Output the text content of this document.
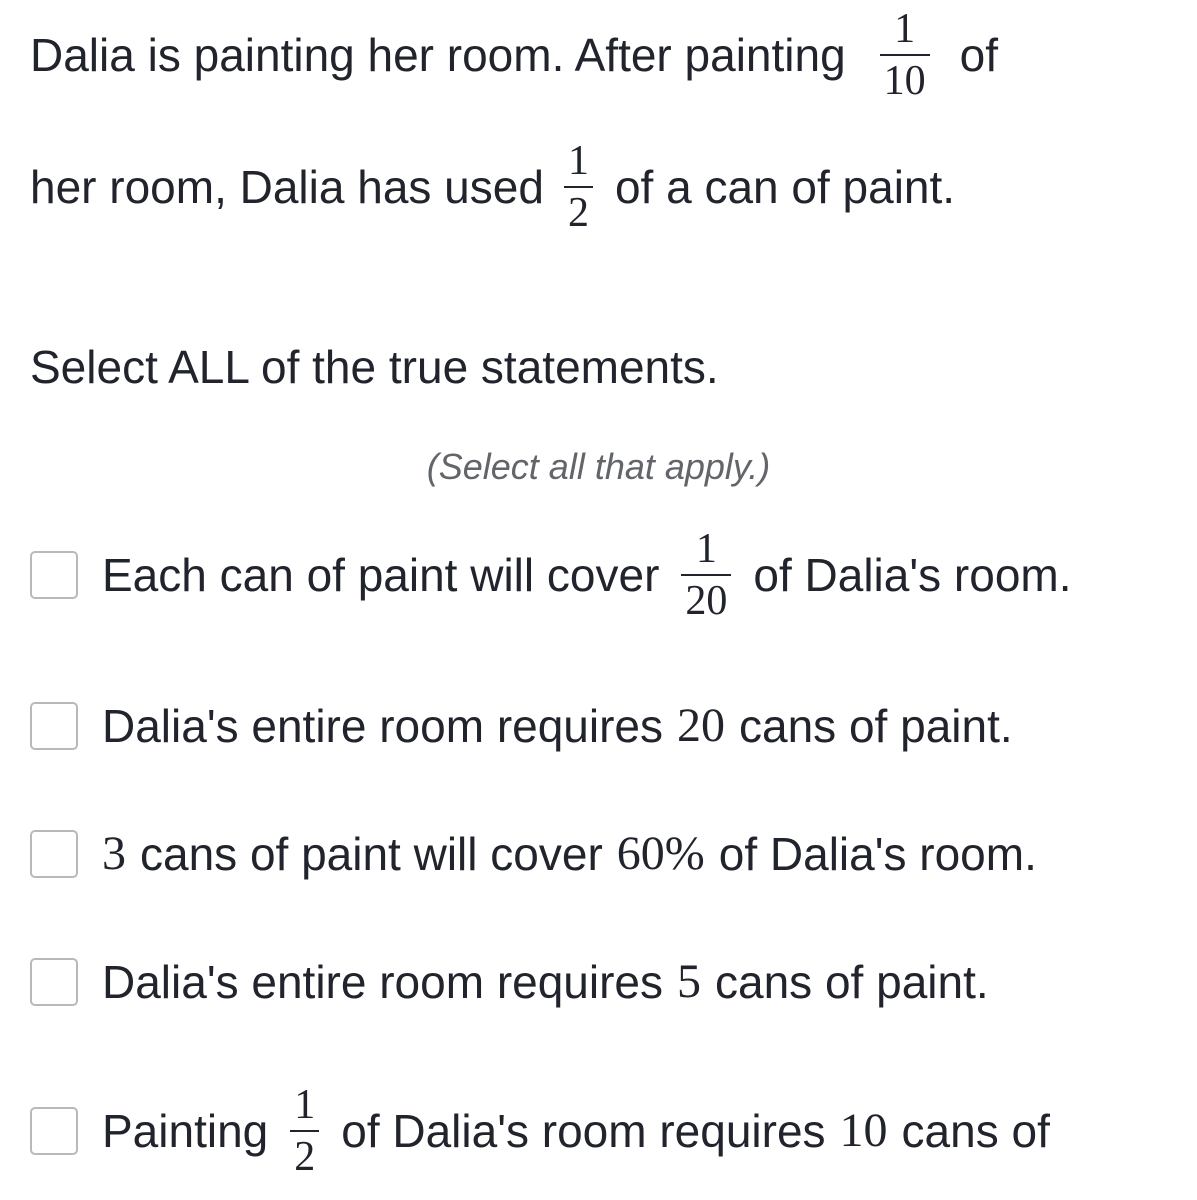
Dalia is painting her room. After painting $\frac{1}{10}$ of
her room, Dalia has used $\frac{1}{2}$ of a can of paint.
Select ALL of the true statements.
(Select all that apply.)
Each can of paint will cover $\frac{1}{20}$ of Dalia's room.
Dalia's entire room requires 20 cans of paint.
3 cans of paint will cover 60% of Dalia's room.
Dalia's entire room requires 5 cans of paint.
Painting $\frac{1}{2}$ of Dalia's room requires 10 cans of
